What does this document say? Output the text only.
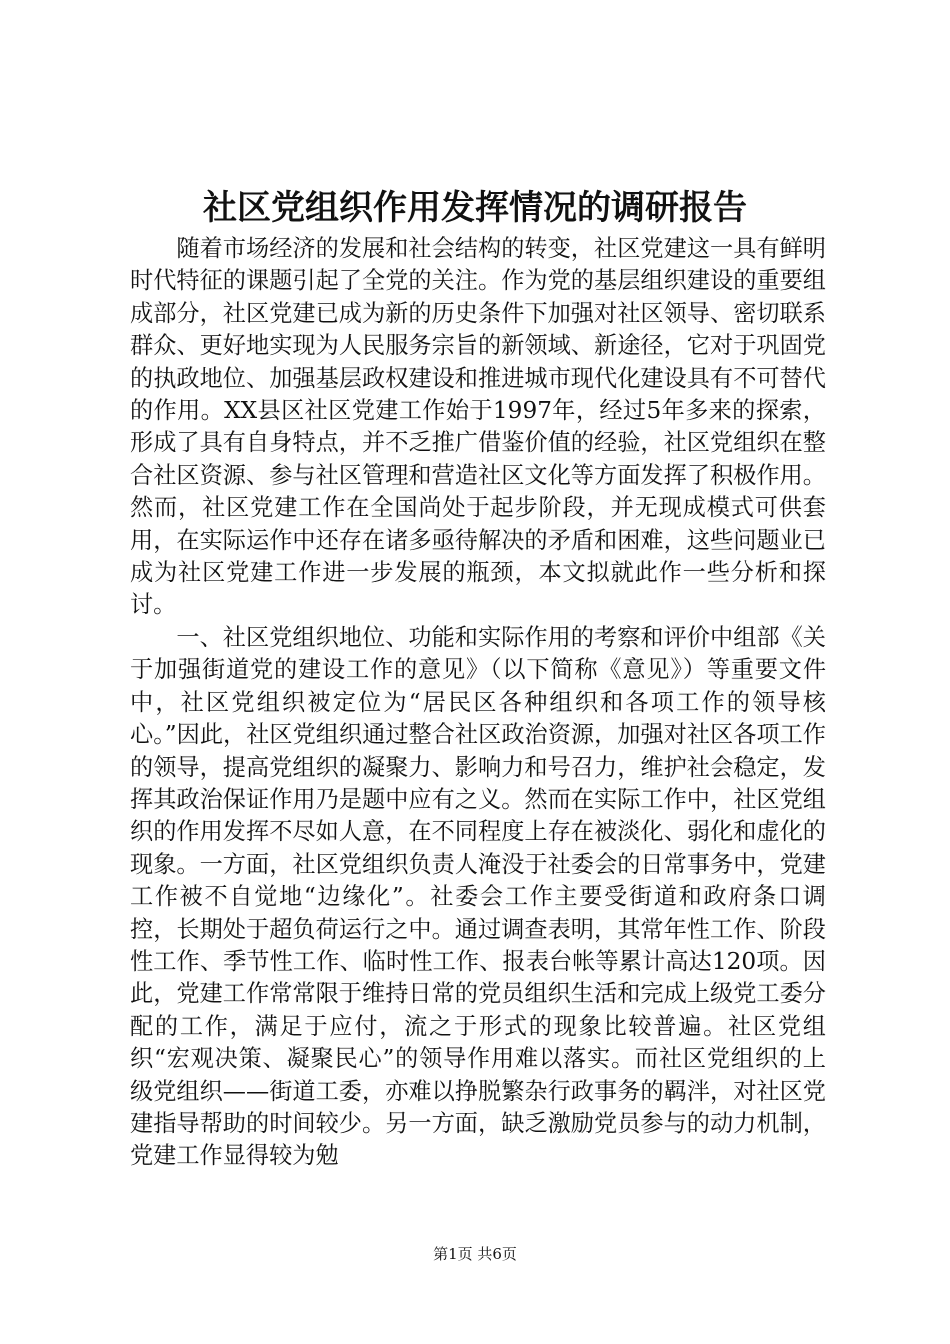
社区党组织作用发挥情况的调研报告

随着市场经济的发展和社会结构的转变，社区党建这一具有鲜明时代特征的课题引起了全党的关注。作为党的基层组织建设的重要组成部分，社区党建已成为新的历史条件下加强对社区领导、密切联系群众、更好地实现为人民服务宗旨的新领域、新途径，它对于巩固党的执政地位、加强基层政权建设和推进城市现代化建设具有不可替代的作用。XX县区社区党建工作始于1997年，经过5年多来的探索，形成了具有自身特点，并不乏推广借鉴价值的经验，社区党组织在整合社区资源、参与社区管理和营造社区文化等方面发挥了积极作用。然而，社区党建工作在全国尚处于起步阶段，并无现成模式可供套用，在实际运作中还存在诸多亟待解决的矛盾和困难，这些问题业已成为社区党建工作进一步发展的瓶颈，本文拟就此作一些分析和探讨。

一、社区党组织地位、功能和实际作用的考察和评价中组部《关于加强街道党的建设工作的意见》（以下简称《意见》）等重要文件中，社区党组织被定位为“居民区各种组织和各项工作的领导核心。”因此，社区党组织通过整合社区政治资源，加强对社区各项工作的领导，提高党组织的凝聚力、影响力和号召力，维护社会稳定，发挥其政治保证作用乃是题中应有之义。然而在实际工作中，社区党组织的作用发挥不尽如人意，在不同程度上存在被淡化、弱化和虚化的现象。一方面，社区党组织负责人淹没于社委会的日常事务中，党建工作被不自觉地“边缘化”。社委会工作主要受街道和政府条口调控，长期处于超负荷运行之中。通过调查表明，其常年性工作、阶段性工作、季节性工作、临时性工作、报表台帐等累计高达120项。因此，党建工作常常限于维持日常的党员组织生活和完成上级党工委分配的工作，满足于应付，流之于形式的现象比较普遍。社区党组织“宏观决策、凝聚民心”的领导作用难以落实。而社区党组织的上级党组织——街道工委，亦难以挣脱繁杂行政事务的羁泮，对社区党建指导帮助的时间较少。另一方面，缺乏激励党员参与的动力机制，党建工作显得较为勉

第1页 共6页
